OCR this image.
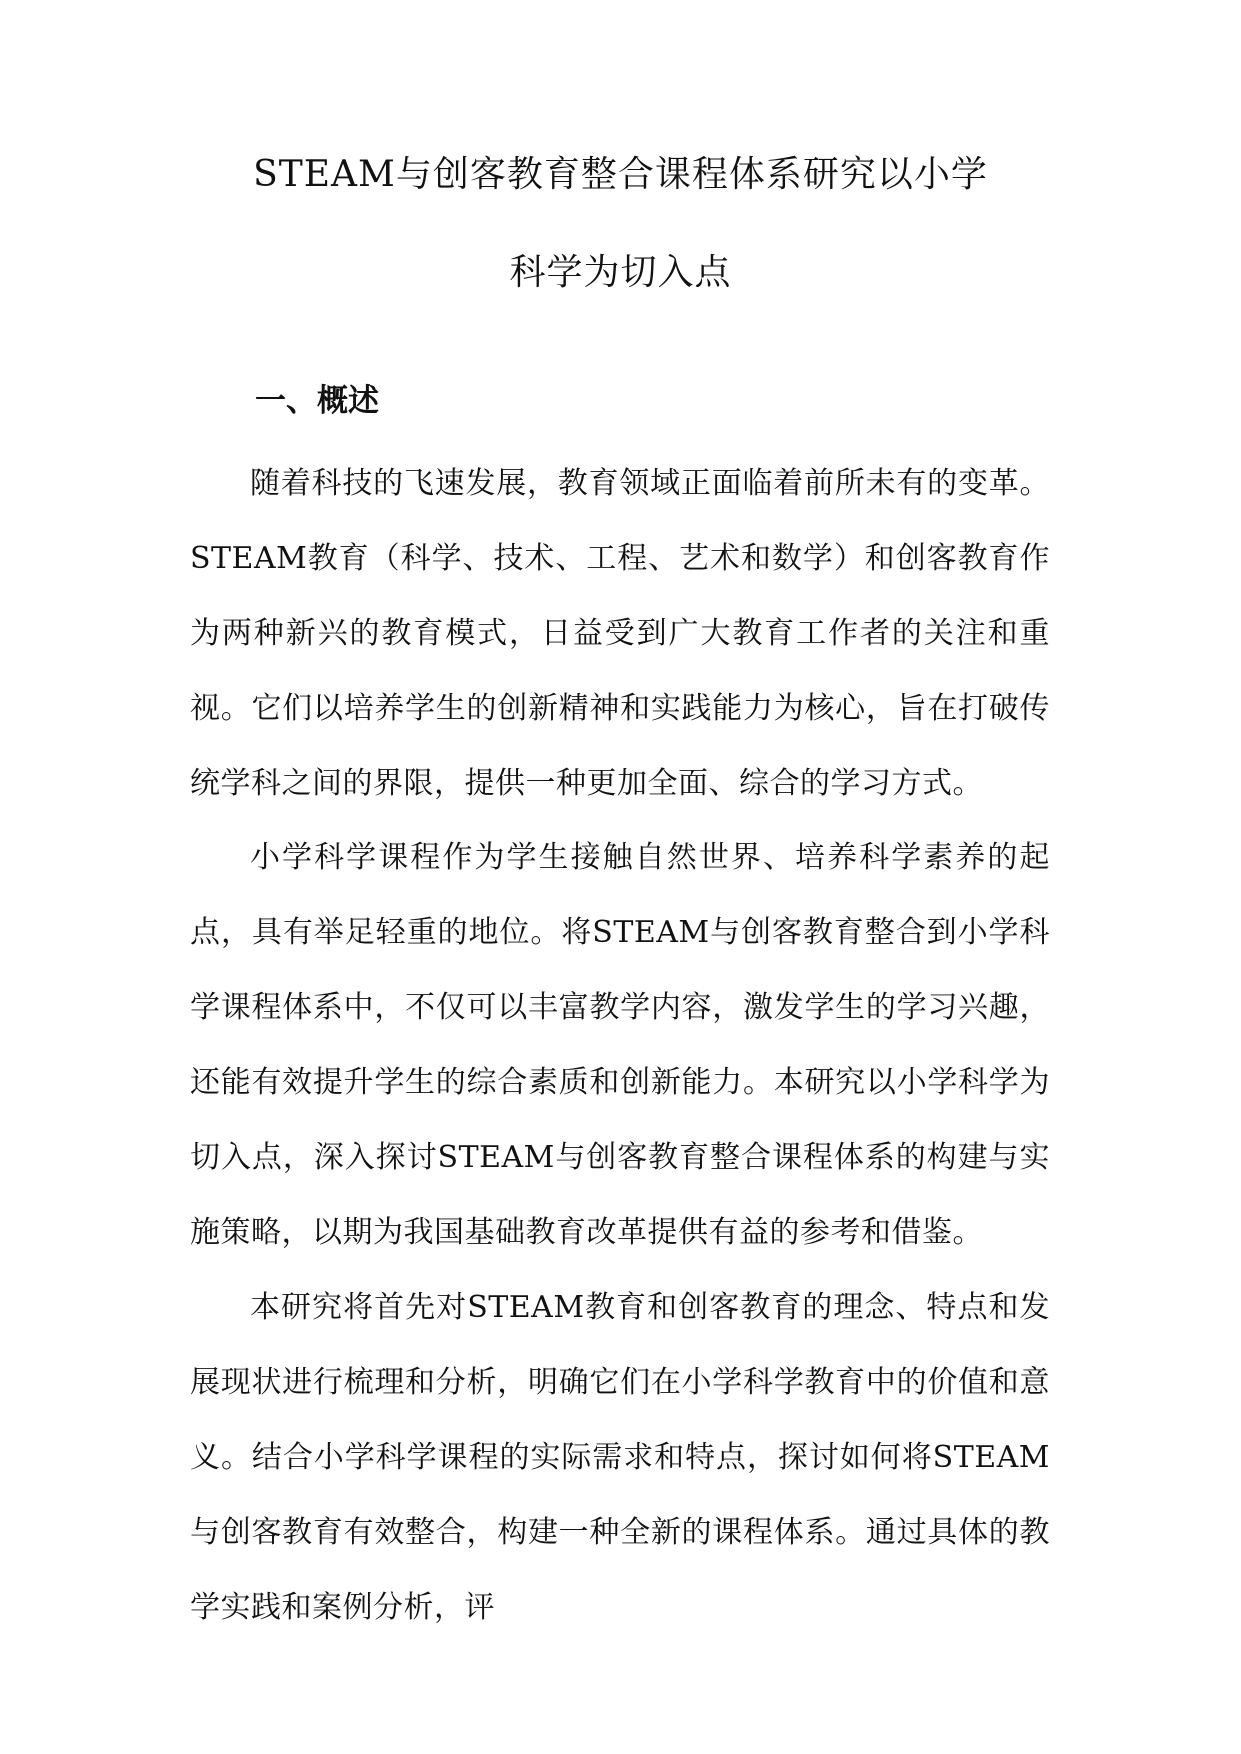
STEAM与创客教育整合课程体系研究以小学
科学为切入点
一、概述

随着科技的飞速发展，教育领域正面临着前所未有的变革。STEAM教育（科学、技术、工程、艺术和数学）和创客教育作为两种新兴的教育模式，日益受到广大教育工作者的关注和重视。它们以培养学生的创新精神和实践能力为核心，旨在打破传统学科之间的界限，提供一种更加全面、综合的学习方式。

小学科学课程作为学生接触自然世界、培养科学素养的起点，具有举足轻重的地位。将STEAM与创客教育整合到小学科学课程体系中，不仅可以丰富教学内容，激发学生的学习兴趣，还能有效提升学生的综合素质和创新能力。本研究以小学科学为切入点，深入探讨STEAM与创客教育整合课程体系的构建与实施策略，以期为我国基础教育改革提供有益的参考和借鉴。

本研究将首先对STEAM教育和创客教育的理念、特点和发展现状进行梳理和分析，明确它们在小学科学教育中的价值和意义。结合小学科学课程的实际需求和特点，探讨如何将STEAM与创客教育有效整合，构建一种全新的课程体系。通过具体的教学实践和案例分析，评
